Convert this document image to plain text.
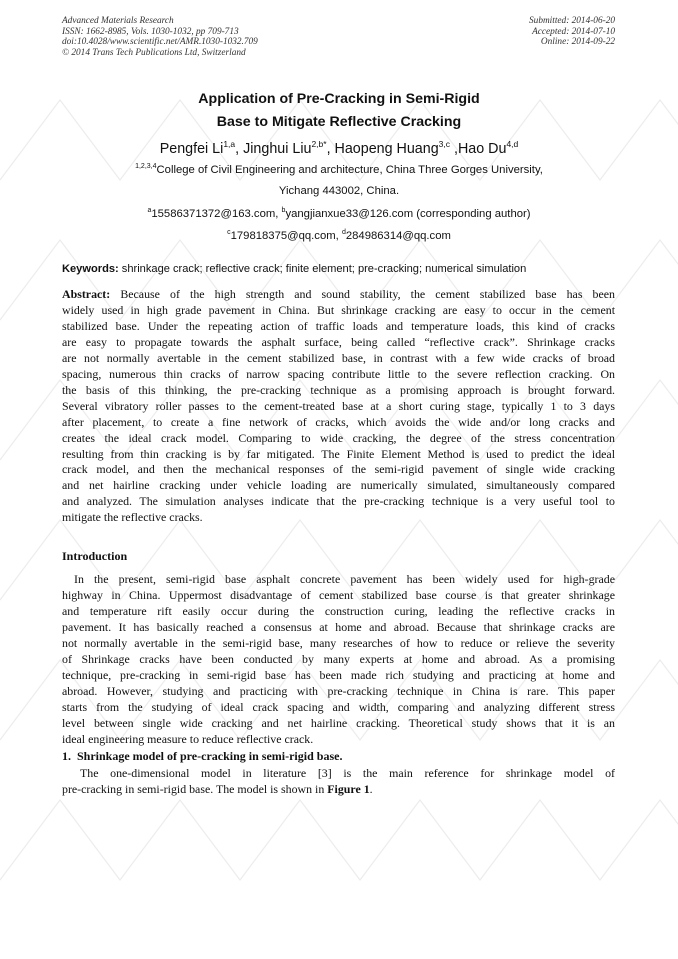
Advanced Materials Research
ISSN: 1662-8985, Vols. 1030-1032, pp 709-713
doi:10.4028/www.scientific.net/AMR.1030-1032.709
© 2014 Trans Tech Publications Ltd, Switzerland
Submitted: 2014-06-20
Accepted: 2014-07-10
Online: 2014-09-22
Application of Pre-Cracking in Semi-Rigid
Base to Mitigate Reflective Cracking
Pengfei Li$^{1,a}$, Jinghui Liu$^{2,b*}$, Haopeng Huang$^{3,c}$ ,Hao Du$^{4,d}$
$^{1,2,3,4}$College of Civil Engineering and architecture, China Three Gorges University,
Yichang 443002, China.
$^a$15586371372@163.com, $^b$yangjianxue33@126.com (corresponding author)
$^c$179818375@qq.com, $^d$284986314@qq.com
Keywords: shrinkage crack; reflective crack; finite element; pre-cracking; numerical simulation
Abstract: Because of the high strength and sound stability, the cement stabilized base has been
widely used in high grade pavement in China. But shrinkage cracking are easy to occur in the cement
stabilized base. Under the repeating action of traffic loads and temperature loads, this kind of cracks
are easy to propagate towards the asphalt surface, being called “reflective crack”. Shrinkage cracks
are not normally avertable in the cement stabilized base, in contrast with a few wide cracks of broad
spacing, numerous thin cracks of narrow spacing contribute little to the severe reflection cracking. On
the basis of this thinking, the pre-cracking technique as a promising approach is brought forward.
Several vibratory roller passes to the cement-treated base at a short curing stage, typically 1 to 3 days
after placement, to create a fine network of cracks, which avoids the wide and/or long cracks and
creates the ideal crack model. Comparing to wide cracking, the degree of the stress concentration
resulting from thin cracking is by far mitigated. The Finite Element Method is used to predict the ideal
crack model, and then the mechanical responses of the semi-rigid pavement of single wide cracking
and net hairline cracking under vehicle loading are numerically simulated, simultaneously compared
and analyzed. The simulation analyses indicate that the pre-cracking technique is a very useful tool to
mitigate the reflective cracks.
Introduction
In the present, semi-rigid base asphalt concrete pavement has been widely used for high-grade
highway in China. Uppermost disadvantage of cement stabilized base course is that greater shrinkage
and temperature rift easily occur during the construction curing, leading the reflective cracks in
pavement. It has basically reached a consensus at home and abroad. Because that shrinkage cracks are
not normally avertable in the semi-rigid base, many researches of how to reduce or relieve the severity
of Shrinkage cracks have been conducted by many experts at home and abroad. As a promising
technique, pre-cracking in semi-rigid base has been made rich studying and practicing at home and
abroad. However, studying and practicing with pre-cracking technique in China is rare. This paper
starts from the studying of ideal crack spacing and width, comparing and analyzing different stress
level between single wide cracking and net hairline cracking. Theoretical study shows that it is an
ideal engineering measure to reduce reflective crack.
1.  Shrinkage model of pre-cracking in semi-rigid base.
The one-dimensional model in literature [3] is the main reference for shrinkage model of
pre-cracking in semi-rigid base. The model is shown in Figure 1.
